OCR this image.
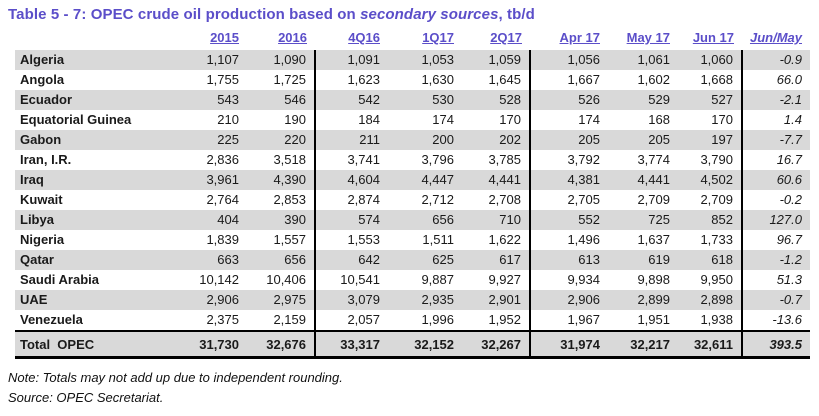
Table 5 - 7: OPEC crude oil production based on secondary sources, tb/d
	2015	2016	4Q16	1Q17	2Q17	Apr 17	May 17	Jun 17	Jun/May
Algeria	1,107	1,090	1,091	1,053	1,059	1,056	1,061	1,060	-0.9
Angola	1,755	1,725	1,623	1,630	1,645	1,667	1,602	1,668	66.0
Ecuador	543	546	542	530	528	526	529	527	-2.1
Equatorial Guinea	210	190	184	174	170	174	168	170	1.4
Gabon	225	220	211	200	202	205	205	197	-7.7
Iran, I.R.	2,836	3,518	3,741	3,796	3,785	3,792	3,774	3,790	16.7
Iraq	3,961	4,390	4,604	4,447	4,441	4,381	4,441	4,502	60.6
Kuwait	2,764	2,853	2,874	2,712	2,708	2,705	2,709	2,709	-0.2
Libya	404	390	574	656	710	552	725	852	127.0
Nigeria	1,839	1,557	1,553	1,511	1,622	1,496	1,637	1,733	96.7
Qatar	663	656	642	625	617	613	619	618	-1.2
Saudi Arabia	10,142	10,406	10,541	9,887	9,927	9,934	9,898	9,950	51.3
UAE	2,906	2,975	3,079	2,935	2,901	2,906	2,899	2,898	-0.7
Venezuela	2,375	2,159	2,057	1,996	1,952	1,967	1,951	1,938	-13.6
Total  OPEC	31,730	32,676	33,317	32,152	32,267	31,974	32,217	32,611	393.5
Note: Totals may not add up due to independent rounding.
Source: OPEC Secretariat.
